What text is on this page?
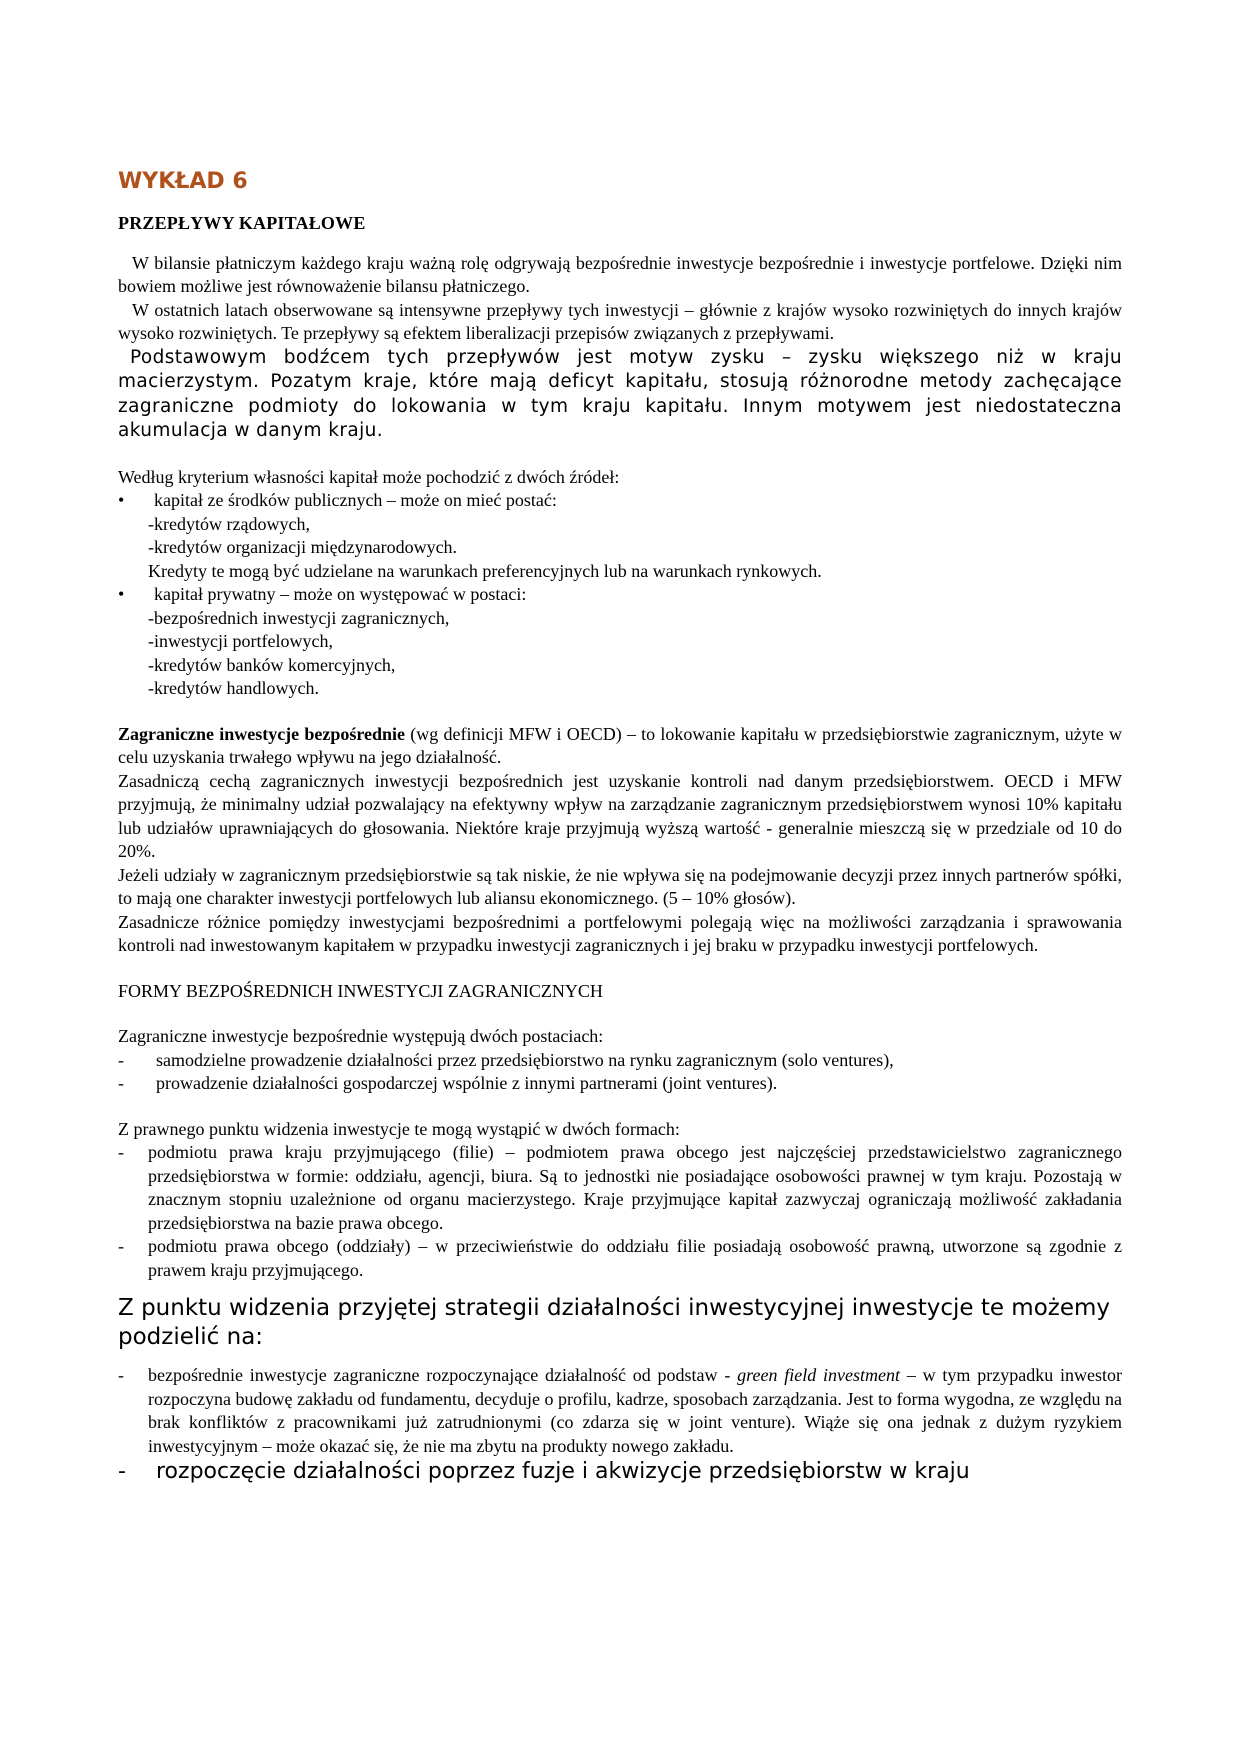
WYKŁAD 6

PRZEPŁYWY KAPITAŁOWE

W bilansie płatniczym każdego kraju ważną rolę odgrywają bezpośrednie inwestycje bezpośrednie i inwestycje portfelowe. Dzięki nim bowiem możliwe jest równoważenie bilansu płatniczego.

W ostatnich latach obserwowane są intensywne przepływy tych inwestycji – głównie z krajów wysoko rozwiniętych do innych krajów wysoko rozwiniętych. Te przepływy są efektem liberalizacji przepisów związanych z przepływami.

Podstawowym bodźcem tych przepływów jest motyw zysku – zysku większego niż w kraju macierzystym. Pozatym kraje, które mają deficyt kapitału, stosują różnorodne metody zachęcające zagraniczne podmioty do lokowania w tym kraju kapitału. Innym motywem jest niedostateczna akumulacja w danym kraju.

Według kryterium własności kapitał może pochodzić z dwóch źródeł:

• kapitał ze środków publicznych – może on mieć postać:
-kredytów rządowych,
-kredytów organizacji międzynarodowych.
Kredyty te mogą być udzielane na warunkach preferencyjnych lub na warunkach rynkowych.
• kapitał prywatny – może on występować w postaci:
-bezpośrednich inwestycji zagranicznych,
-inwestycji portfelowych,
-kredytów banków komercyjnych,
-kredytów handlowych.

Zagraniczne inwestycje bezpośrednie (wg definicji MFW i OECD) – to lokowanie kapitału w przedsiębiorstwie zagranicznym, użyte w celu uzyskania trwałego wpływu na jego działalność.

Zasadniczą cechą zagranicznych inwestycji bezpośrednich jest uzyskanie kontroli nad danym przedsiębiorstwem. OECD i MFW przyjmują, że minimalny udział pozwalający na efektywny wpływ na zarządzanie zagranicznym przedsiębiorstwem wynosi 10% kapitału lub udziałów uprawniających do głosowania. Niektóre kraje przyjmują wyższą wartość - generalnie mieszczą się w przedziale od 10 do 20%.

Jeżeli udziały w zagranicznym przedsiębiorstwie są tak niskie, że nie wpływa się na podejmowanie decyzji przez innych partnerów spółki, to mają one charakter inwestycji portfelowych lub aliansu ekonomicznego. (5 – 10% głosów).

Zasadnicze różnice pomiędzy inwestycjami bezpośrednimi a portfelowymi polegają więc na możliwości zarządzania i sprawowania kontroli nad inwestowanym kapitałem w przypadku inwestycji zagranicznych i jej braku w przypadku inwestycji portfelowych.

FORMY BEZPOŚREDNICH INWESTYCJI ZAGRANICZNYCH

Zagraniczne inwestycje bezpośrednie występują dwóch postaciach:

- samodzielne prowadzenie działalności przez przedsiębiorstwo na rynku zagranicznym (solo ventures),
- prowadzenie działalności gospodarczej wspólnie z innymi partnerami (joint ventures).

Z prawnego punktu widzenia inwestycje te mogą wystąpić w dwóch formach:

- podmiotu prawa kraju przyjmującego (filie) – podmiotem prawa obcego jest najczęściej przedstawicielstwo zagranicznego przedsiębiorstwa w formie: oddziału, agencji, biura. Są to jednostki nie posiadające osobowości prawnej w tym kraju. Pozostają w znacznym stopniu uzależnione od organu macierzystego. Kraje przyjmujące kapitał zazwyczaj ograniczają możliwość zakładania przedsiębiorstwa na bazie prawa obcego.
- podmiotu prawa obcego (oddziały) – w przeciwieństwie do oddziału filie posiadają osobowość prawną, utworzone są zgodnie z prawem kraju przyjmującego.

Z punktu widzenia przyjętej strategii działalności inwestycyjnej inwestycje te możemy podzielić na:

- bezpośrednie inwestycje zagraniczne rozpoczynające działalność od podstaw - green field investment – w tym przypadku inwestor rozpoczyna budowę zakładu od fundamentu, decyduje o profilu, kadrze, sposobach zarządzania. Jest to forma wygodna, ze względu na brak konfliktów z pracownikami już zatrudnionymi (co zdarza się w joint venture). Wiąże się ona jednak z dużym ryzykiem inwestycyjnym – może okazać się, że nie ma zbytu na produkty nowego zakładu.
- rozpoczęcie działalności poprzez fuzje i akwizycje przedsiębiorstw w kraju
